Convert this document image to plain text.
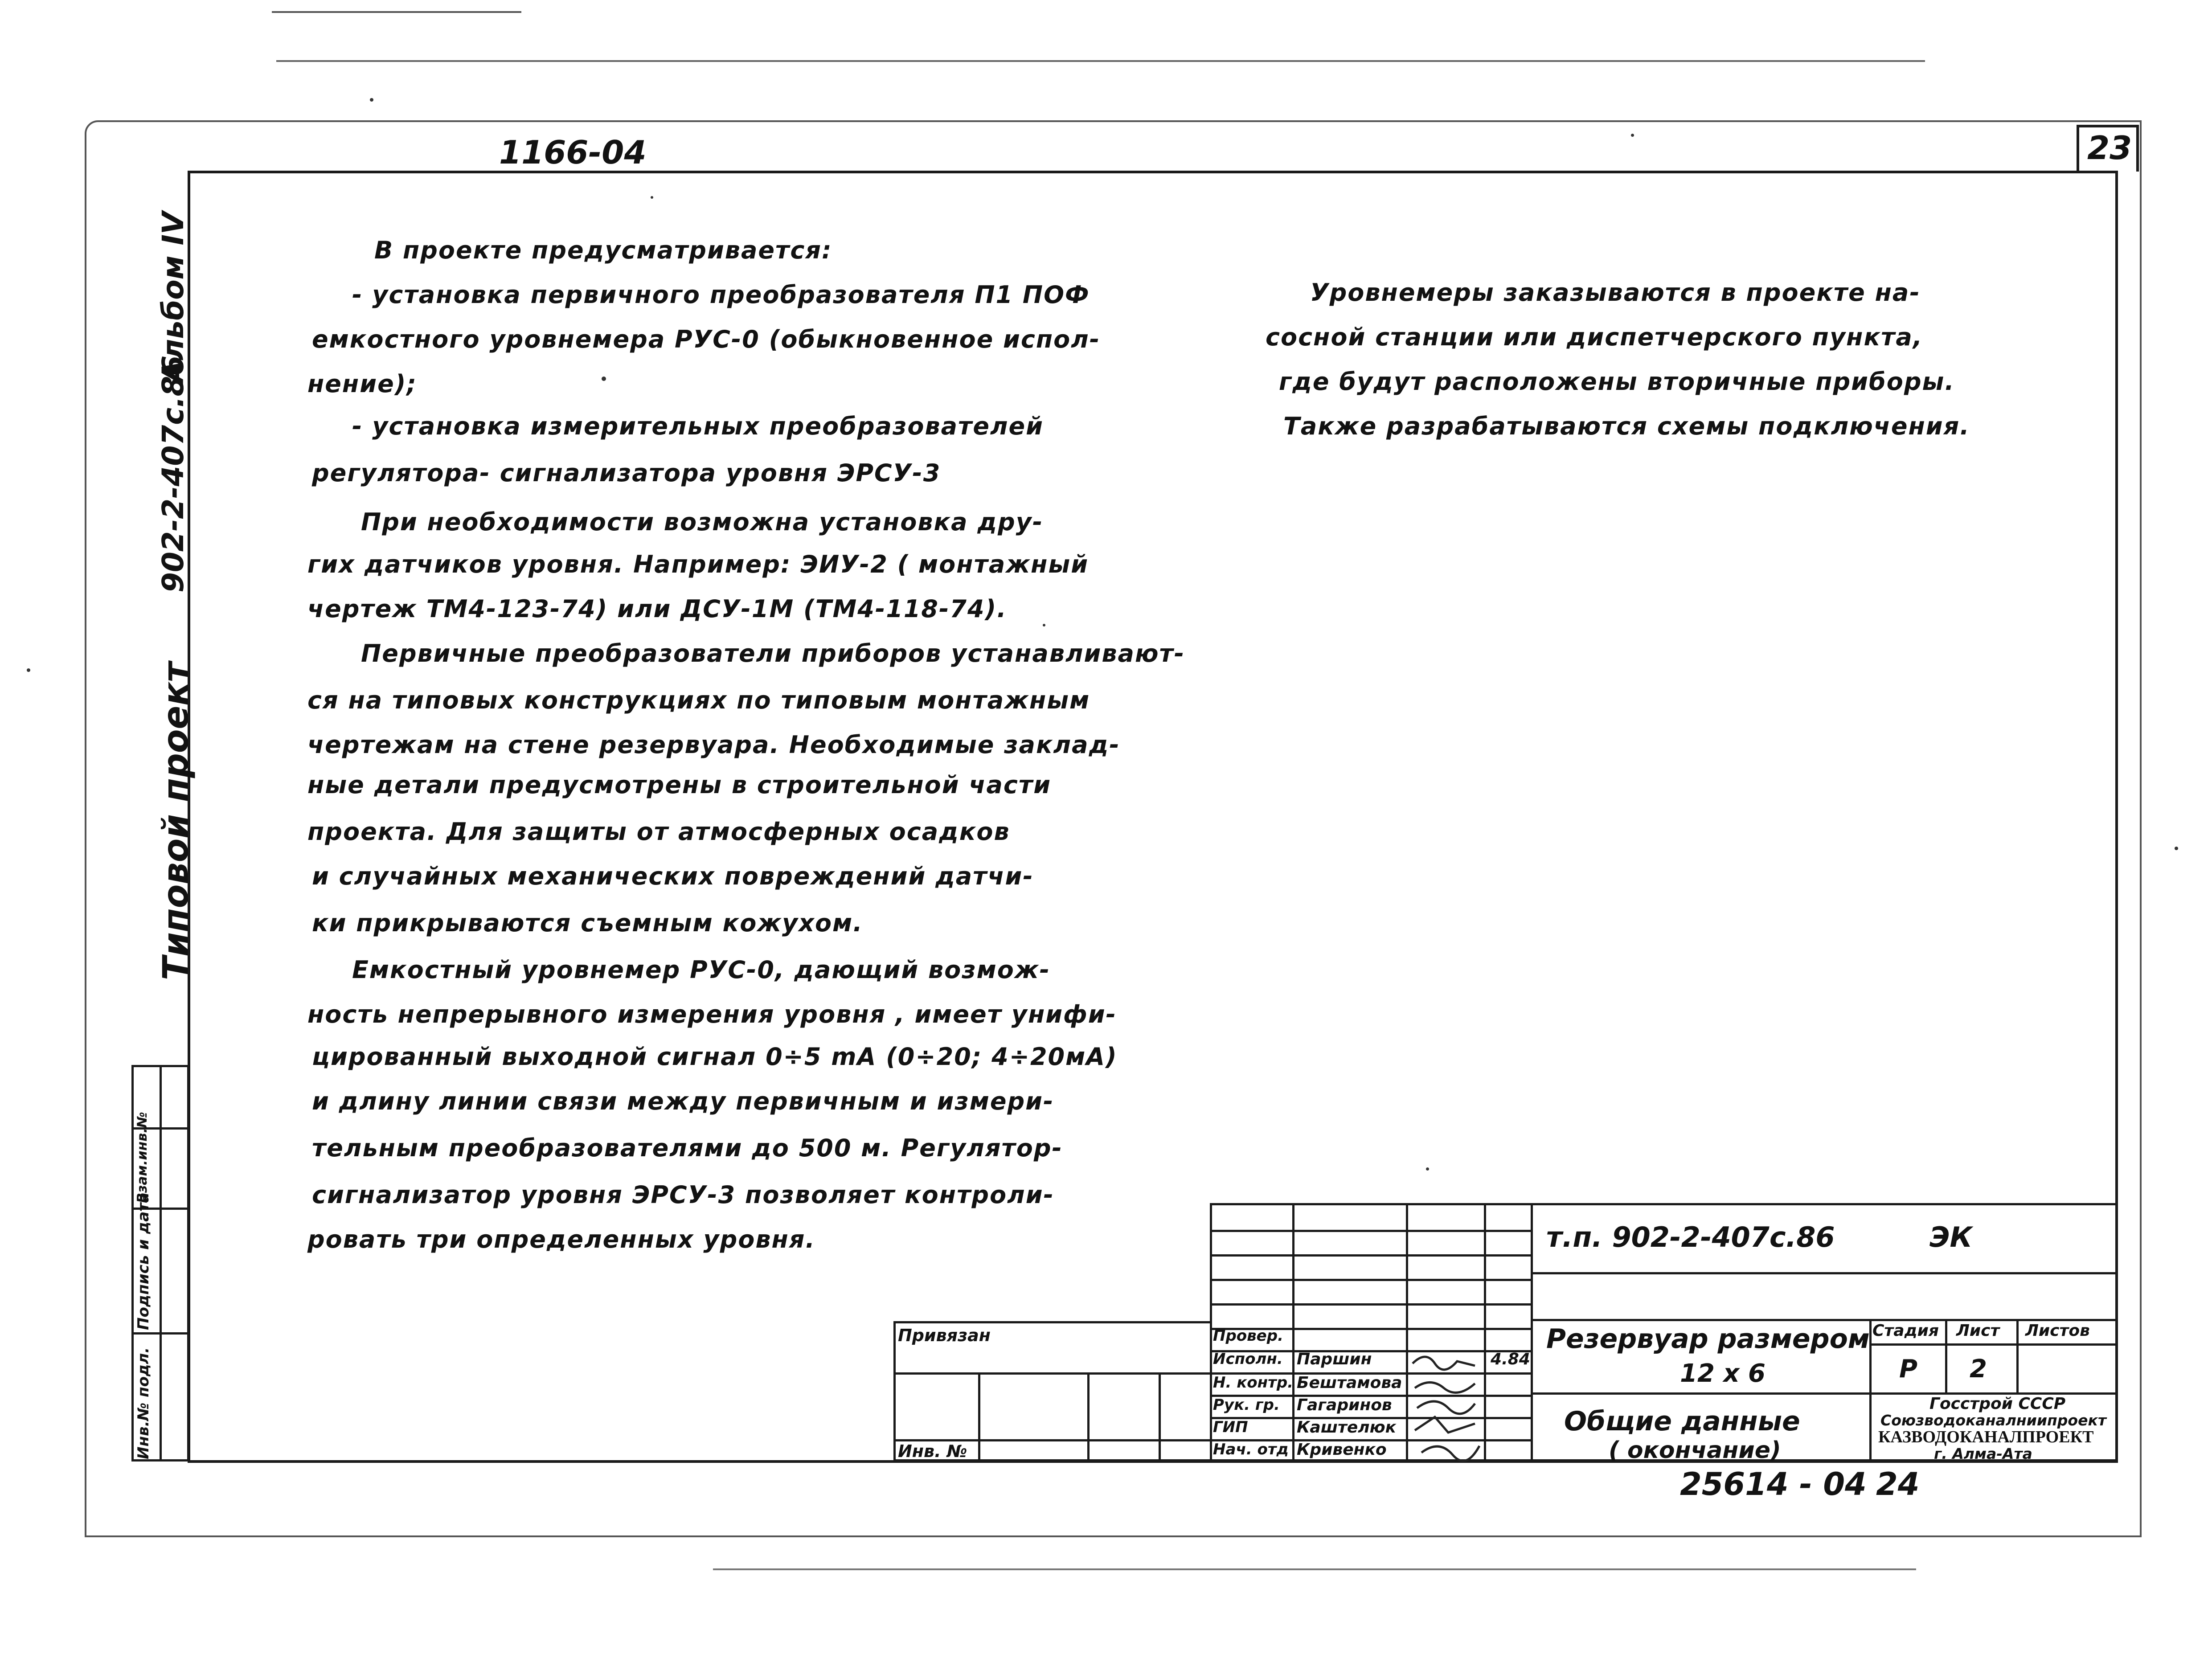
23
1166-04
Типовой проект
902-2-407с.86
Альбом IV
Инв.№ подл.
Подпись и дата
Взам.инв.№
В проекте предусматривается:
- установка первичного преобразователя П1 ПОФ
емкостного уровнемера РУС-0 (обыкновенное испол-
нение);
- установка измерительных преобразователей
регулятора- сигнализатора уровня ЭРСУ-3
При необходимости возможна установка дру-
гих датчиков уровня. Например: ЭИУ-2 ( монтажный
чертеж ТМ4-123-74) или ДСУ-1М (ТМ4-118-74).
Первичные преобразователи приборов устанавливают-
ся на типовых конструкциях по типовым монтажным
чертежам на стене резервуара. Необходимые заклад-
ные детали предусмотрены в строительной части
проекта. Для защиты от атмосферных осадков
и случайных механических повреждений датчи-
ки прикрываются съемным кожухом.
Емкостный уровнемер РУС-0, дающий возмож-
ность непрерывного измерения уровня , имеет унифи-
цированный выходной сигнал 0÷5 mA (0÷20; 4÷20мА)
и длину линии связи между первичным и измери-
тельным преобразователями до 500 м. Регулятор-
сигнализатор уровня ЭРСУ-3 позволяет контроли-
ровать три определенных уровня.
Уровнемеры заказываются в проекте на-
сосной станции или диспетчерского пункта,
где будут расположены вторичные приборы.
Также разрабатываются схемы подключения.
Провер.
Исполн.
Н. контр.
Рук. гр.
ГИП
Нач. отд
Паршин
Бештамова
Гагаринов
Каштелюк
Кривенко
4.84
Привязан
Инв. №
т.п. 902-2-407с.86	ЭК
Резервуар размером
12 х 6
Общие данные
( окончание)
Стадия Лист Листов
Р 2
Госстрой СССР
Союзводоканалниипроект
КАЗВОДОКАНАЛПРОЕКТ
г. Алма-Ата
25614 - 04 24
